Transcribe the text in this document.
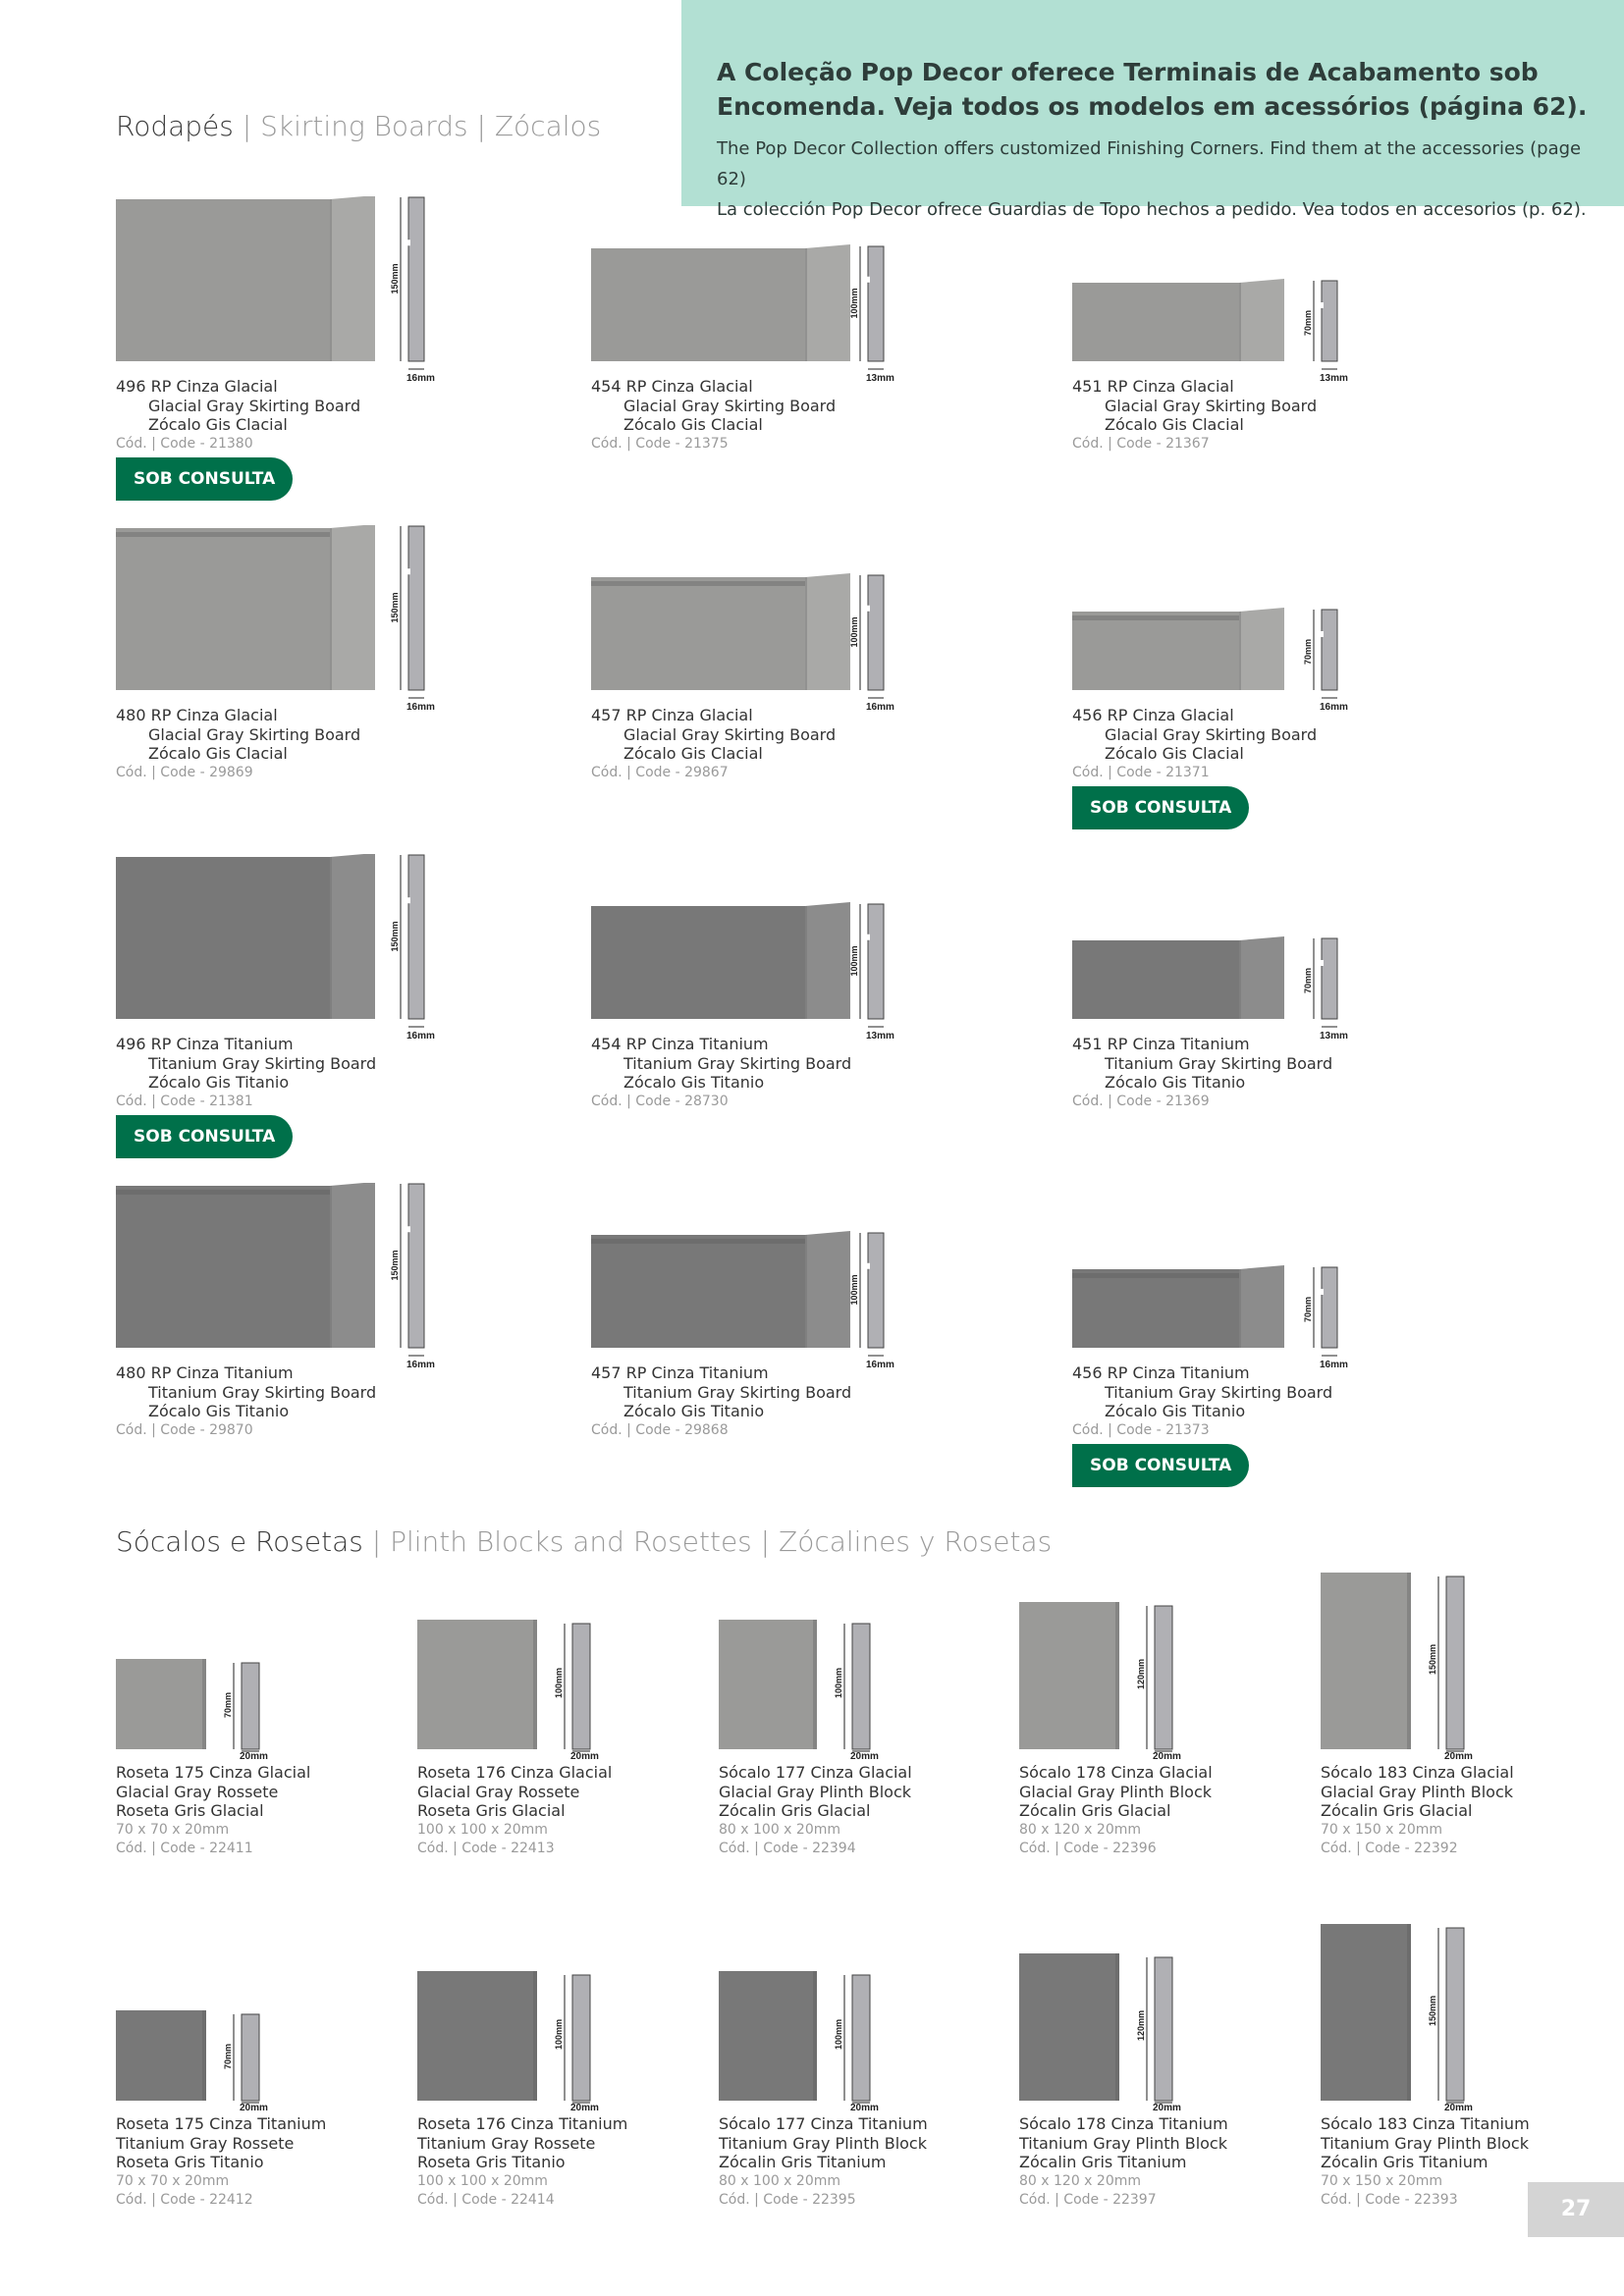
A Coleção Pop Decor oferece Terminais de Acabamento sob Encomenda. Veja todos os modelos em acessórios (página 62).
The Pop Decor Collection offers customized Finishing Corners. Find them at the accessories (page 62)
La colección Pop Decor ofrece Guardias de Topo hechos a pedido. Vea todos en accesorios (p. 62).
Rodapés | Skirting Boards | Zócalos
Sócalos e Rosetas | Plinth Blocks and Rosettes | Zócalines y Rosetas
150mm
16mm
496 RP Cinza Glacial
Glacial Gray Skirting Board
Zócalo Gis Clacial
Cód. | Code - 21380
SOB CONSULTA
100mm
13mm
454 RP Cinza Glacial
Glacial Gray Skirting Board
Zócalo Gis Clacial
Cód. | Code - 21375
70mm
13mm
451 RP Cinza Glacial
Glacial Gray Skirting Board
Zócalo Gis Clacial
Cód. | Code - 21367
150mm
16mm
480 RP Cinza Glacial
Glacial Gray Skirting Board
Zócalo Gis Clacial
Cód. | Code - 29869
100mm
16mm
457 RP Cinza Glacial
Glacial Gray Skirting Board
Zócalo Gis Clacial
Cód. | Code - 29867
70mm
16mm
456 RP Cinza Glacial
Glacial Gray Skirting Board
Zócalo Gis Clacial
Cód. | Code - 21371
SOB CONSULTA
150mm
16mm
496 RP Cinza Titanium
Titanium Gray Skirting Board
Zócalo Gis Titanio
Cód. | Code - 21381
SOB CONSULTA
100mm
13mm
454 RP Cinza Titanium
Titanium Gray Skirting Board
Zócalo Gis Titanio
Cód. | Code - 28730
70mm
13mm
451 RP Cinza Titanium
Titanium Gray Skirting Board
Zócalo Gis Titanio
Cód. | Code - 21369
150mm
16mm
480 RP Cinza Titanium
Titanium Gray Skirting Board
Zócalo Gis Titanio
Cód. | Code - 29870
100mm
16mm
457 RP Cinza Titanium
Titanium Gray Skirting Board
Zócalo Gis Titanio
Cód. | Code - 29868
70mm
16mm
456 RP Cinza Titanium
Titanium Gray Skirting Board
Zócalo Gis Titanio
Cód. | Code - 21373
SOB CONSULTA
70mm
20mm
Roseta 175 Cinza Glacial
Glacial Gray Rossete
Roseta Gris Glacial
70 x 70 x 20mm
Cód. | Code - 22411
100mm
20mm
Roseta 176 Cinza Glacial
Glacial Gray Rossete
Roseta Gris Glacial
100 x 100 x 20mm
Cód. | Code - 22413
100mm
20mm
Sócalo 177 Cinza Glacial
Glacial Gray Plinth Block
Zócalin Gris Glacial
80 x 100 x 20mm
Cód. | Code - 22394
120mm
20mm
Sócalo 178 Cinza Glacial
Glacial Gray Plinth Block
Zócalin Gris Glacial
80 x 120 x 20mm
Cód. | Code - 22396
150mm
20mm
Sócalo 183 Cinza Glacial
Glacial Gray Plinth Block
Zócalin Gris Glacial
70 x 150 x 20mm
Cód. | Code - 22392
70mm
20mm
Roseta 175 Cinza Titanium
Titanium Gray Rossete
Roseta Gris Titanio
70 x 70 x 20mm
Cód. | Code - 22412
100mm
20mm
Roseta 176 Cinza Titanium
Titanium Gray Rossete
Roseta Gris Titanio
100 x 100 x 20mm
Cód. | Code - 22414
100mm
20mm
Sócalo 177 Cinza Titanium
Titanium Gray Plinth Block
Zócalin Gris Titanium
80 x 100 x 20mm
Cód. | Code - 22395
120mm
20mm
Sócalo 178 Cinza Titanium
Titanium Gray Plinth Block
Zócalin Gris Titanium
80 x 120 x 20mm
Cód. | Code - 22397
150mm
20mm
Sócalo 183 Cinza Titanium
Titanium Gray Plinth Block
Zócalin Gris Titanium
70 x 150 x 20mm
Cód. | Code - 22393	27
